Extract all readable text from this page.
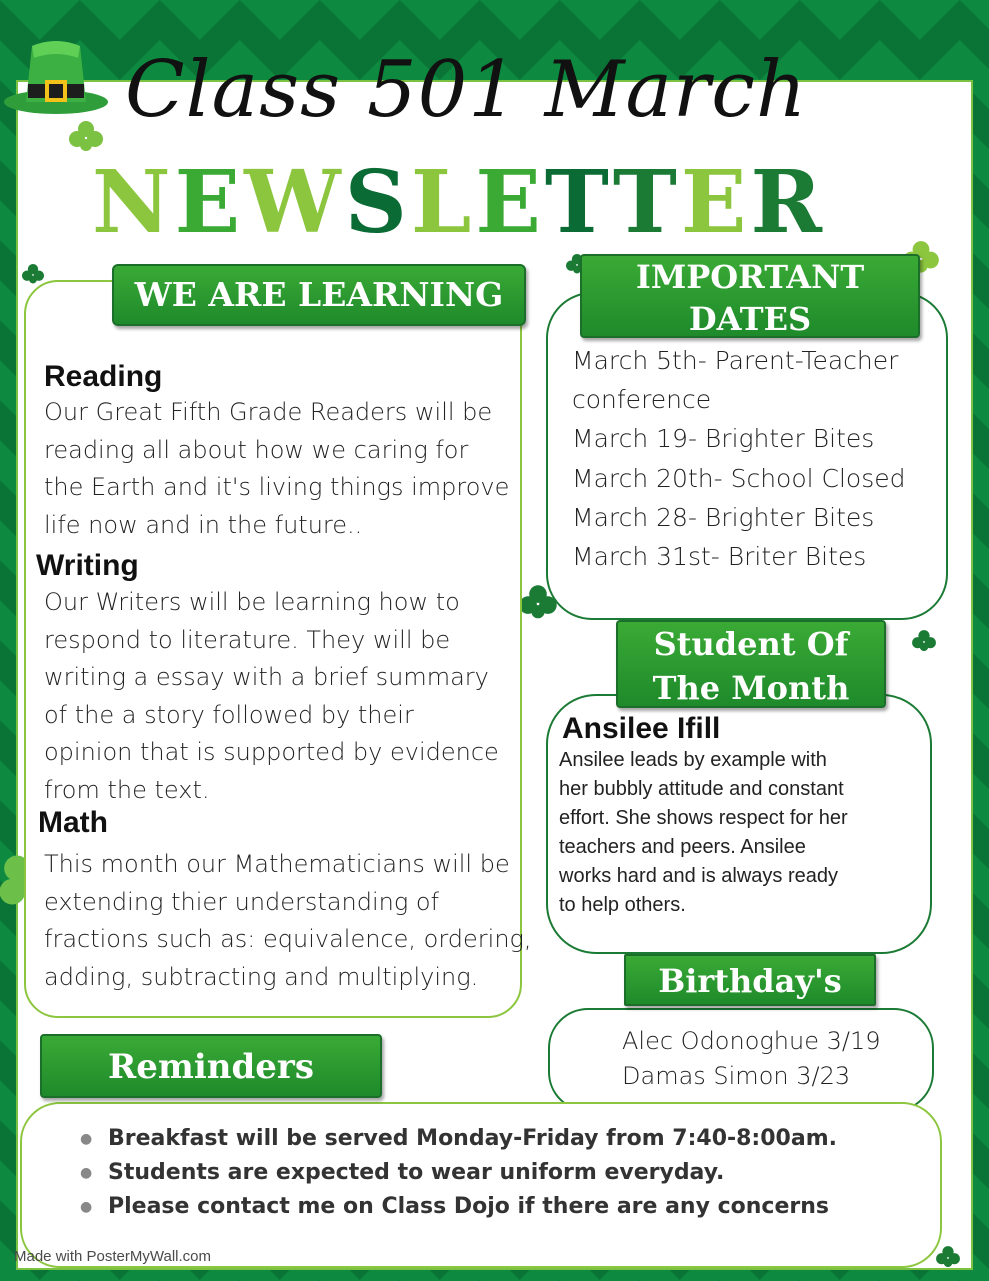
Class 501 March
NEWSLETTER
WE ARE LEARNING
Reading
Our Great Fifth Grade Readers will be
reading all about how we caring for
the Earth and it's living things improve
life now and in the future..
Writing
Our Writers will be learning how to
respond to literature. They will be
writing a essay with a brief summary
of the a story followed by their
opinion that is supported by evidence
from the text.
Math
This month our Mathematicians will be
extending thier understanding of
fractions such as: equivalence, ordering,
adding, subtracting and multiplying.
IMPORTANT
DATES
March 5th- Parent-Teacher
conference
March 19- Brighter Bites
March 20th- School Closed
March 28- Brighter Bites
March 31st- Briter Bites
Student Of
The Month
Ansilee Ifill
Ansilee leads by example with
her bubbly attitude and constant
effort. She shows respect for her
teachers and peers. Ansilee
works hard and is always ready
to help others.
Birthday's
Alec Odonoghue 3/19
Damas Simon 3/23
Reminders
● Breakfast will be served Monday-Friday from 7:40-8:00am.
● Students are expected to wear uniform everyday.
● Please contact me on Class Dojo if there are any concerns
Made with PosterMyWall.com
